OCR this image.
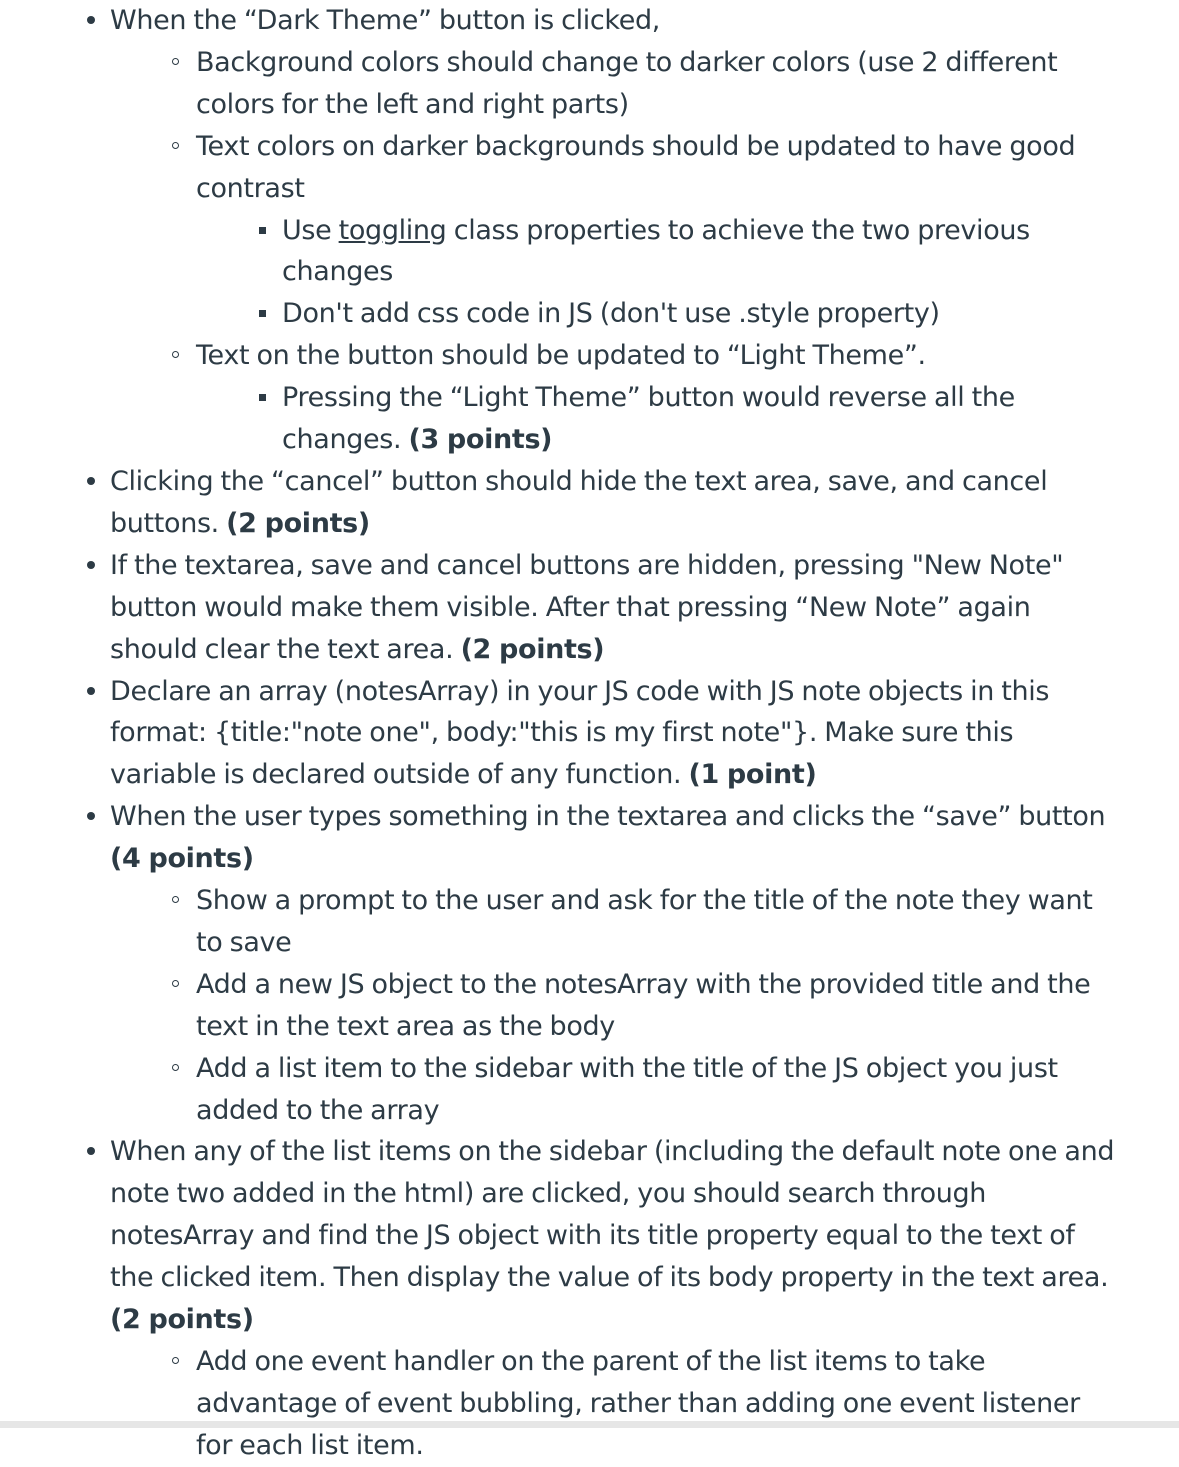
When the “Dark Theme” button is clicked,
Background colors should change to darker colors (use 2 different colors for the left and right parts)
Text colors on darker backgrounds should be updated to have good contrast
Use toggling class properties to achieve the two previous changes
Don't add css code in JS (don't use .style property)
Text on the button should be updated to “Light Theme”.
Pressing the “Light Theme” button would reverse all the changes. (3 points)
Clicking the “cancel” button should hide the text area, save, and cancel buttons. (2 points)
If the textarea, save and cancel buttons are hidden, pressing "New Note" button would make them visible. After that pressing “New Note” again should clear the text area. (2 points)
Declare an array (notesArray) in your JS code with JS note objects in this format: {title:"note one", body:"this is my first note"}. Make sure this variable is declared outside of any function. (1 point)
When the user types something in the textarea and clicks the “save” button (4 points)
Show a prompt to the user and ask for the title of the note they want to save
Add a new JS object to the notesArray with the provided title and the text in the text area as the body
Add a list item to the sidebar with the title of the JS object you just added to the array
When any of the list items on the sidebar (including the default note one and note two added in the html) are clicked, you should search through notesArray and find the JS object with its title property equal to the text of the clicked item. Then display the value of its body property in the text area. (2 points)
Add one event handler on the parent of the list items to take advantage of event bubbling, rather than adding one event listener for each list item.
